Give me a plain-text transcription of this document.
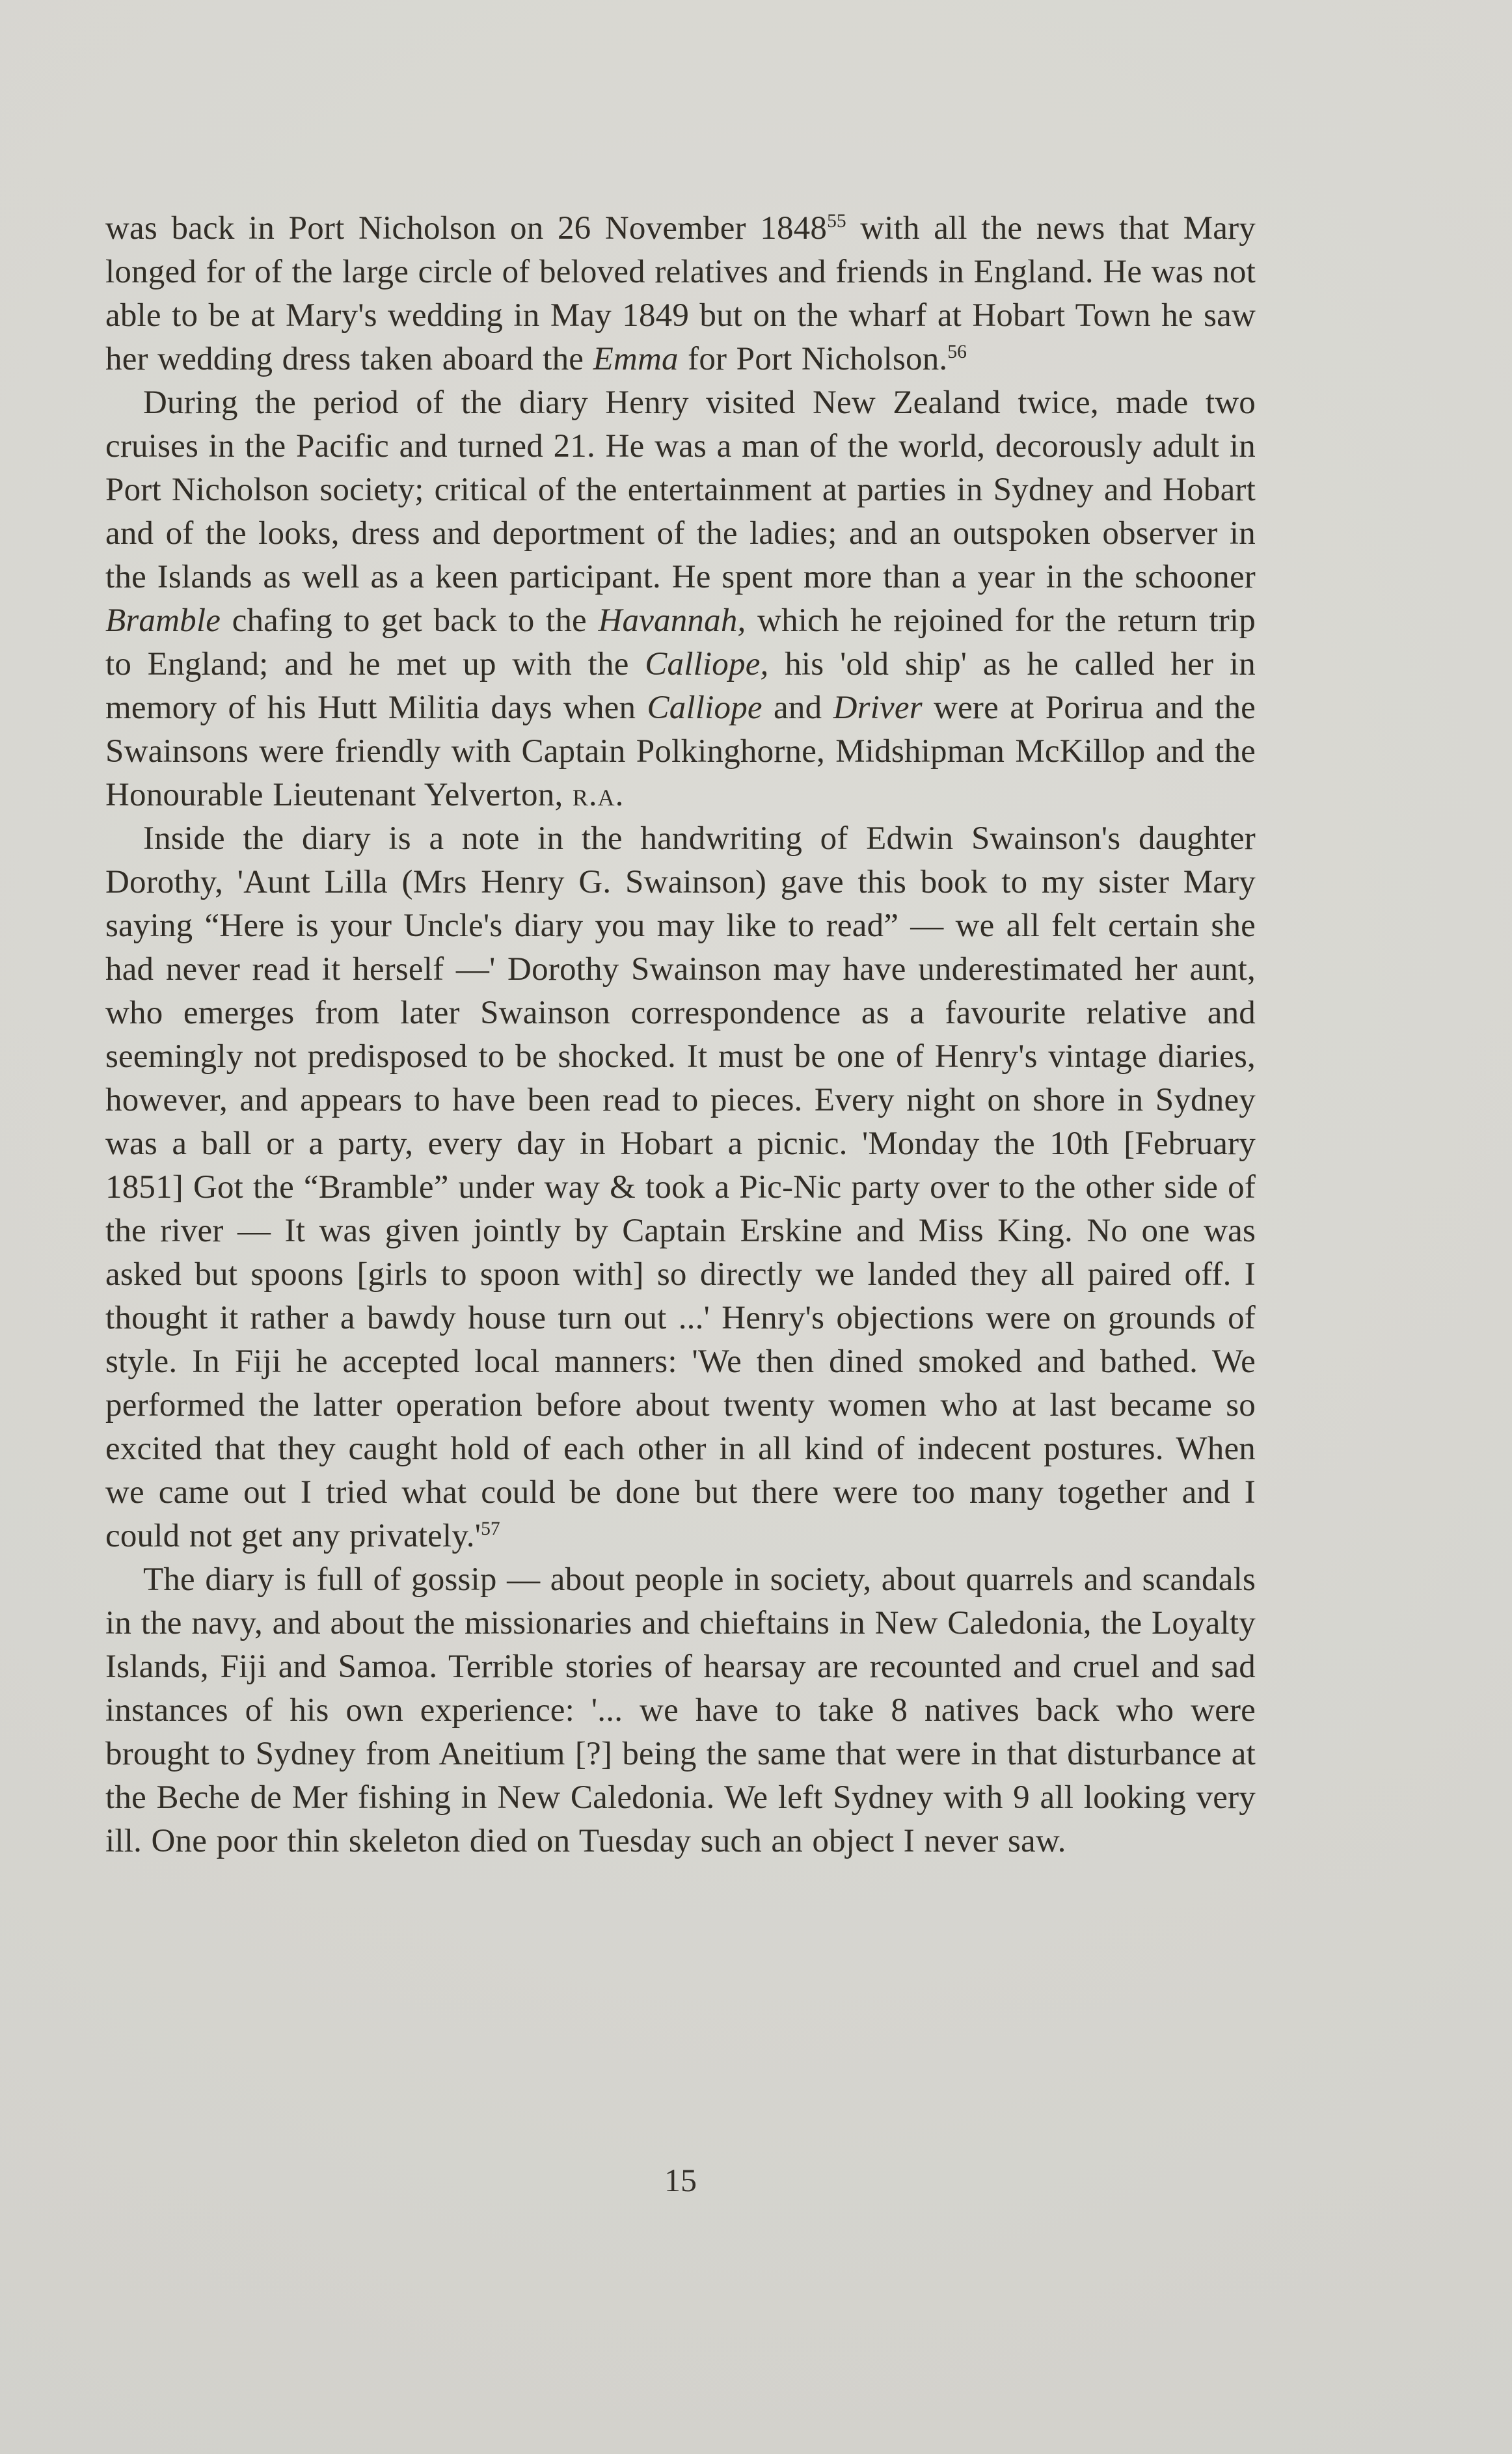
was back in Port Nicholson on 26 November 1848$^{55}$ with all the news that Mary longed for of the large circle of beloved relatives and friends in England. He was not able to be at Mary's wedding in May 1849 but on the wharf at Hobart Town he saw her wedding dress taken aboard the Emma for Port Nicholson.$^{56}$

During the period of the diary Henry visited New Zealand twice, made two cruises in the Pacific and turned 21. He was a man of the world, decorously adult in Port Nicholson society; critical of the entertainment at parties in Sydney and Hobart and of the looks, dress and deportment of the ladies; and an outspoken observer in the Islands as well as a keen participant. He spent more than a year in the schooner Bramble chafing to get back to the Havannah, which he rejoined for the return trip to England; and he met up with the Calliope, his 'old ship' as he called her in memory of his Hutt Militia days when Calliope and Driver were at Porirua and the Swainsons were friendly with Captain Polkinghorne, Midshipman McKillop and the Honourable Lieutenant Yelverton, r.a.

Inside the diary is a note in the handwriting of Edwin Swainson's daughter Dorothy, 'Aunt Lilla (Mrs Henry G. Swainson) gave this book to my sister Mary saying “Here is your Uncle's diary you may like to read” — we all felt certain she had never read it herself —' Dorothy Swainson may have underestimated her aunt, who emerges from later Swainson correspondence as a favourite relative and seemingly not predisposed to be shocked. It must be one of Henry's vintage diaries, however, and appears to have been read to pieces. Every night on shore in Sydney was a ball or a party, every day in Hobart a picnic. 'Monday the 10th [February 1851] Got the “Bramble” under way & took a Pic-Nic party over to the other side of the river — It was given jointly by Captain Erskine and Miss King. No one was asked but spoons [girls to spoon with] so directly we landed they all paired off. I thought it rather a bawdy house turn out ...' Henry's objections were on grounds of style. In Fiji he accepted local manners: 'We then dined smoked and bathed. We performed the latter operation before about twenty women who at last became so excited that they caught hold of each other in all kind of indecent postures. When we came out I tried what could be done but there were too many together and I could not get any $privately.'^{57}$

The diary is full of gossip — about people in society, about quarrels and scandals in the navy, and about the missionaries and chieftains in New Caledonia, the Loyalty Islands, Fiji and Samoa. Terrible stories of hearsay are recounted and cruel and sad instances of his own experience: '... we have to take 8 natives back who were brought to Sydney from Aneitium [?] being the same that were in that disturbance at the Beche de Mer fishing in New Caledonia. We left Sydney with 9 all looking very ill. One poor thin skeleton died on Tuesday such an object I never saw.

15
